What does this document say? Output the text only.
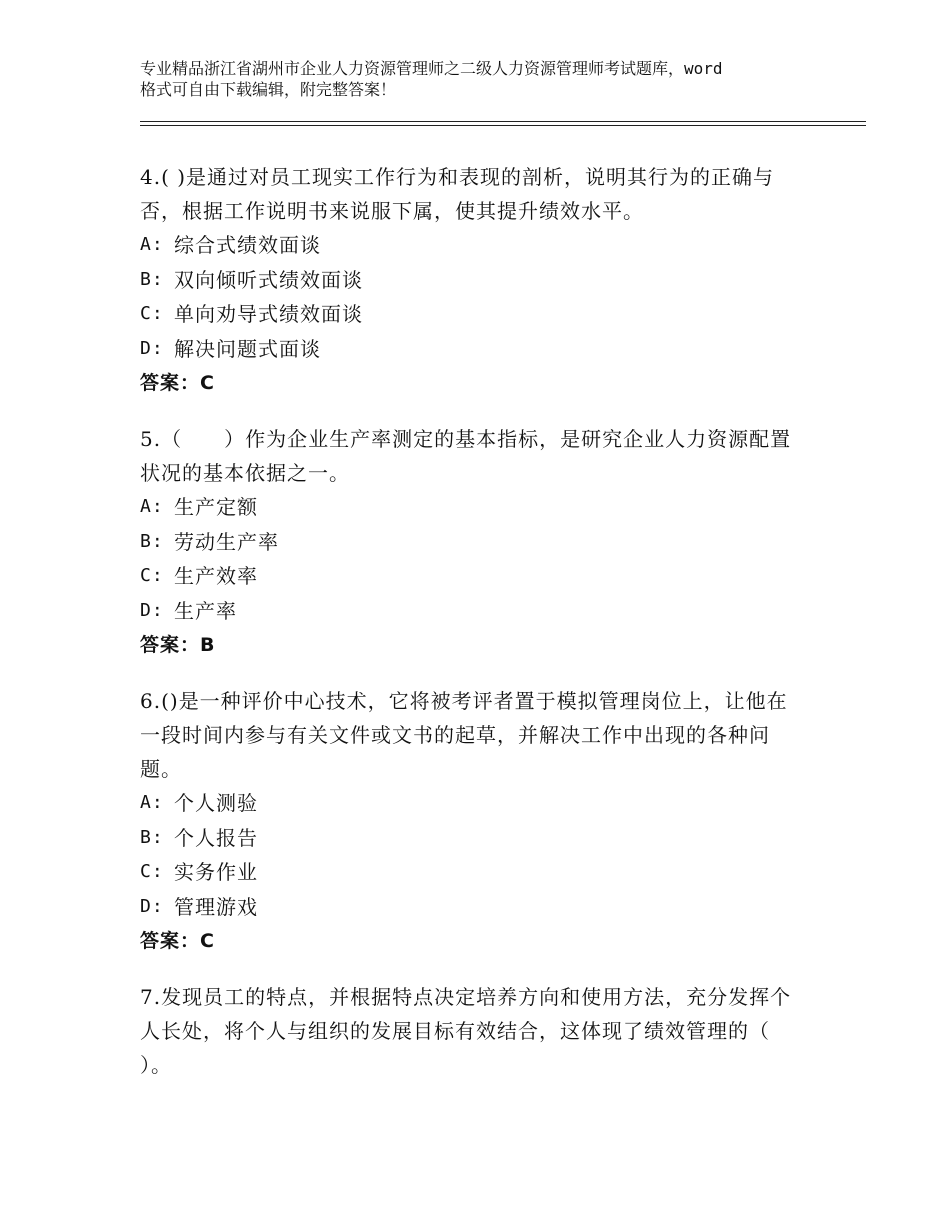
专业精品浙江省湖州市企业人力资源管理师之二级人力资源管理师考试题库，word
格式可自由下载编辑，附完整答案！

4.( )是通过对员工现实工作行为和表现的剖析，说明其行为的正确与否，根据工作说明书来说服下属，使其提升绩效水平。

A: 综合式绩效面谈
B: 双向倾听式绩效面谈
C: 单向劝导式绩效面谈
D: 解决问题式面谈
答案：C

5.（　　）作为企业生产率测定的基本指标，是研究企业人力资源配置状况的基本依据之一。

A: 生产定额
B: 劳动生产率
C: 生产效率
D: 生产率
答案：B

6.()是一种评价中心技术，它将被考评者置于模拟管理岗位上，让他在一段时间内参与有关文件或文书的起草，并解决工作中出现的各种问题。

A: 个人测验
B: 个人报告
C: 实务作业
D: 管理游戏
答案：C

7.发现员工的特点，并根据特点决定培养方向和使用方法，充分发挥个人长处，将个人与组织的发展目标有效结合，这体现了绩效管理的（ ）。
